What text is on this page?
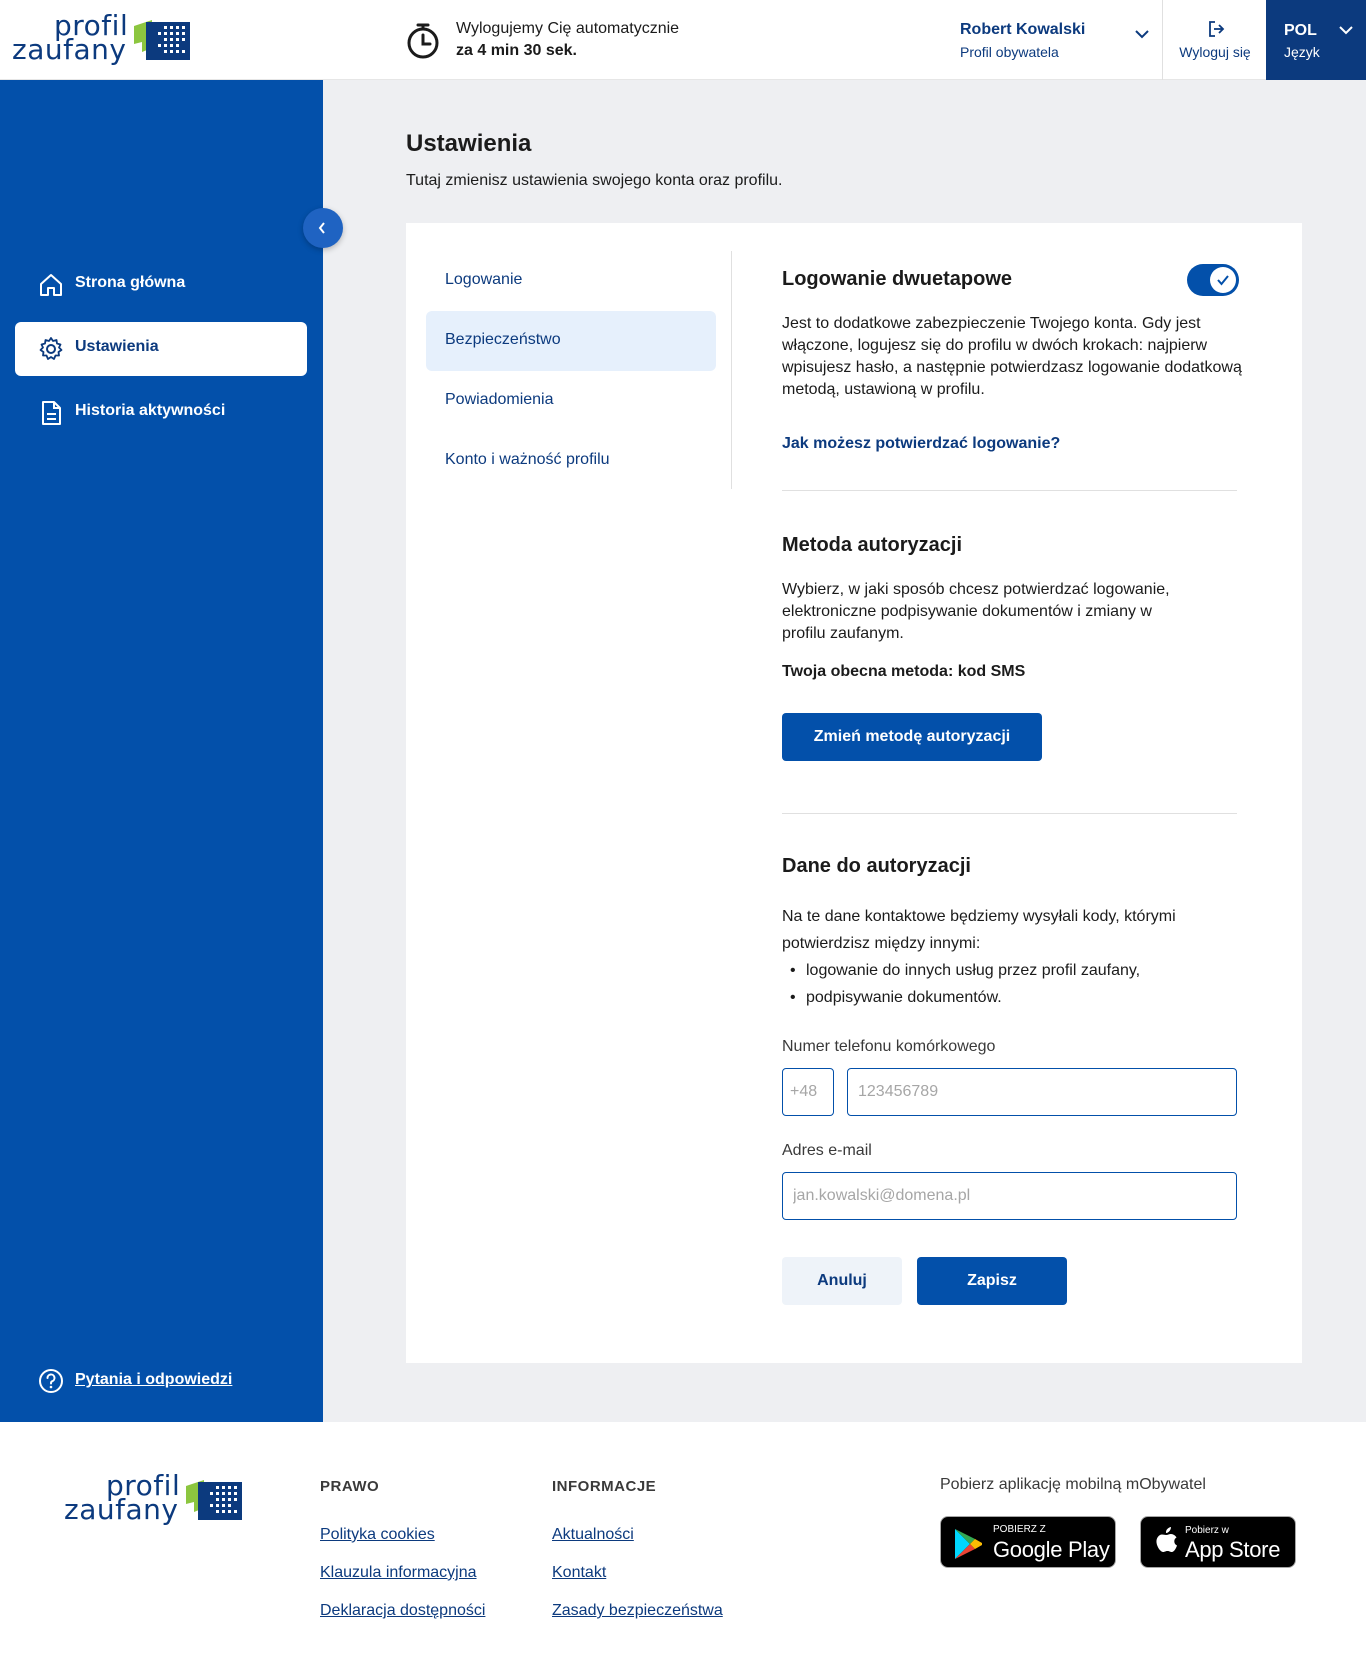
profil
zaufany
Wylogujemy Cię automatycznie
za 4 min 30 sek.
Robert Kowalski
Profil obywatela	Wyloguj się
POL
Język
Strona główna
Ustawienia
Historia aktywności
Pytania i odpowiedzi
Ustawienia

Tutaj zmienisz ustawienia swojego konta oraz profilu.

Logowanie
Bezpieczeństwo
Powiadomienia
Konto i ważność profilu
Logowanie dwuetapowe

Jest to dodatkowe zabezpieczenie Twojego konta. Gdy jest włączone, logujesz się do profilu w dwóch krokach: najpierw wpisujesz hasło, a następnie potwierdzasz logowanie dodatkową metodą, ustawioną w profilu.

Jak możesz potwierdzać logowanie?
Metoda autoryzacji

Wybierz, w jaki sposób chcesz potwierdzać logowanie, elektroniczne podpisywanie dokumentów i zmiany w profilu zaufanym.

Twoja obecna metoda: kod SMS

Zmień metodę autoryzacji
Dane do autoryzacji

Na te dane kontaktowe będziemy wysyłali kody, którymi potwierdzisz między innymi:

• logowanie do innych usług przez profil zaufany,
• podpisywanie dokumentów.
Numer telefonu komórkowego
+48
123456789
Adres e-mail
jan.kowalski@domena.pl
Anuluj	Zapisz
profil
zaufany
PRAWO
Polityka cookies
Klauzula informacyjna
Deklaracja dostępności
INFORMACJE
Aktualności
Kontakt
Zasady bezpieczeństwa
Pobierz aplikację mobilną mObywatel
POBIERZ Z
Google Play
Pobierz w
App Store
